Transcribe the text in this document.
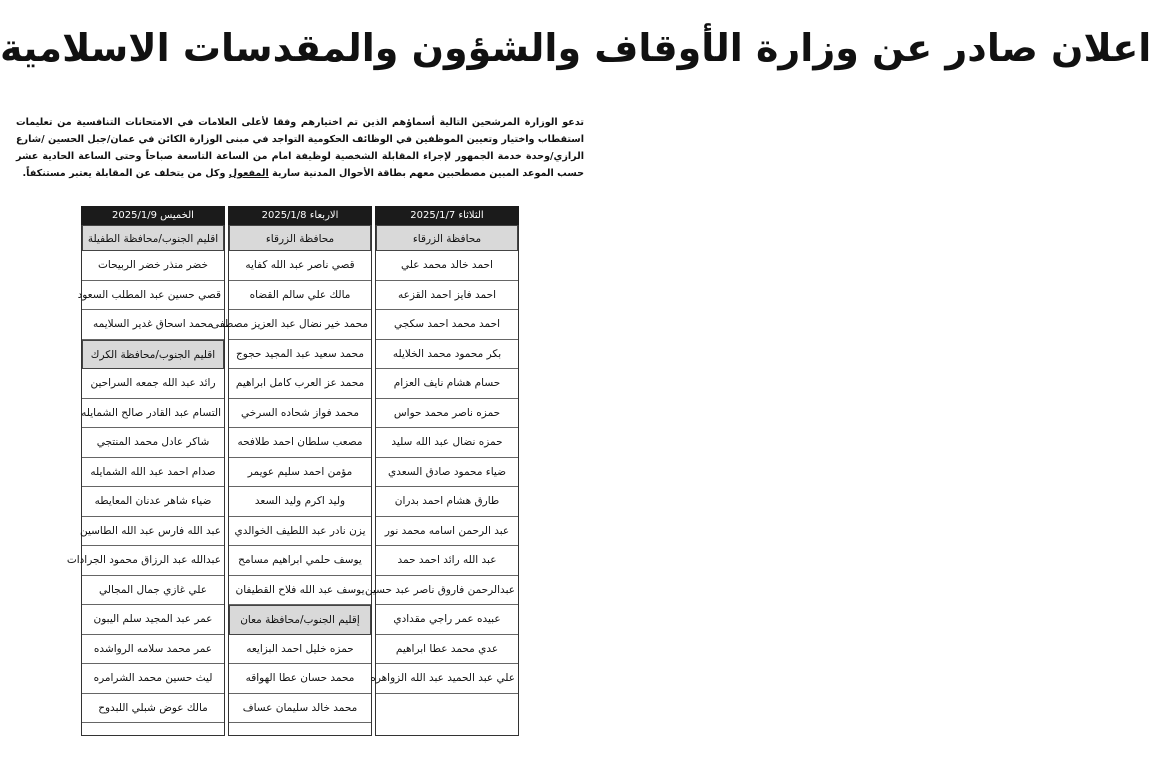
اعلان صادر عن وزارة الأوقاف والشؤون والمقدسات الاسلامية
تدعو الوزارة المرشحين التالية أسماؤهم الذين تم اختيارهم وفقا لأعلى العلامات في الامتحانات التنافسية من تعليمات استقطاب واختيار وتعيين الموظفين في الوظائف الحكومية التواجد في مبنى الوزارة الكائن في عمان/جبل الحسين /شارع الرازي/وحدة خدمة الجمهور لإجراء المقابلة الشخصية لوظيفة امام من الساعة التاسعة صباحاً وحتى الساعة الحادية عشر حسب الموعد المبين مصطحبين معهم بطاقة الأحوال المدنية سارية المفعول وكل من يتخلف عن المقابلة يعتبر مستنكفاً.
الثلاثاء 2025/1/7
محافظة الزرقاء
احمد خالد محمد علي
احمد فايز احمد القزعه
احمد محمد احمد سكجي
بكر محمود محمد الخلايله
حسام هشام نايف العزام
حمزه ناصر محمد حواس
حمزه نضال عبد الله سليد
ضياء محمود صادق السعدي
طارق هشام احمد بدران
عبد الرحمن اسامه محمد نور
عبد الله رائد احمد حمد
عبدالرحمن فاروق ناصر عبد حسين
عبيده عمر راجي مقدادي
عدي محمد عطا ابراهيم
علي عبد الحميد عبد الله الزواهره
الاربعاء 2025/1/8
محافظة الزرقاء
قصي ناصر عبد الله كفايه
مالك علي سالم القضاه
محمد خير نضال عبد العزيز مصطفى
محمد سعيد عبد المجيد حجوج
محمد عز العرب كامل ابراهيم
محمد فواز شحاده السرخي
مصعب سلطان احمد طلافحه
مؤمن احمد سليم عويمر
وليد اكرم وليد السعد
يزن نادر عبد اللطيف الخوالدي
يوسف حلمي ابراهيم مسامح
يوسف عبد الله فلاح القطيفان
إقليم الجنوب/محافظة معان
حمزه خليل احمد البزايعه
محمد حسان عطا الهواقه
محمد خالد سليمان عساف
الخميس 2025/1/9
اقليم الجنوب/محافظة الطفيلة
خضر منذر خضر الربيحات
قصي حسين عبد المطلب السعود
محمد اسحاق غدير السلايمه
اقليم الجنوب/محافظة الكرك
رائد عبد الله جمعه السراحين
التسام عبد القادر صالح الشمايله
شاكر عادل محمد المنتجي
صدام احمد عبد الله الشمايله
ضياء شاهر عدنان المعايطه
عبد الله فارس عبد الله الطاسين
عبدالله عبد الرزاق محمود الجرادات
علي غازي جمال المجالي
عمر عبد المجيد سلم اليبون
عمر محمد سلامه الرواشده
ليث حسين محمد الشرامره
مالك عوض شبلي اللبدوح
